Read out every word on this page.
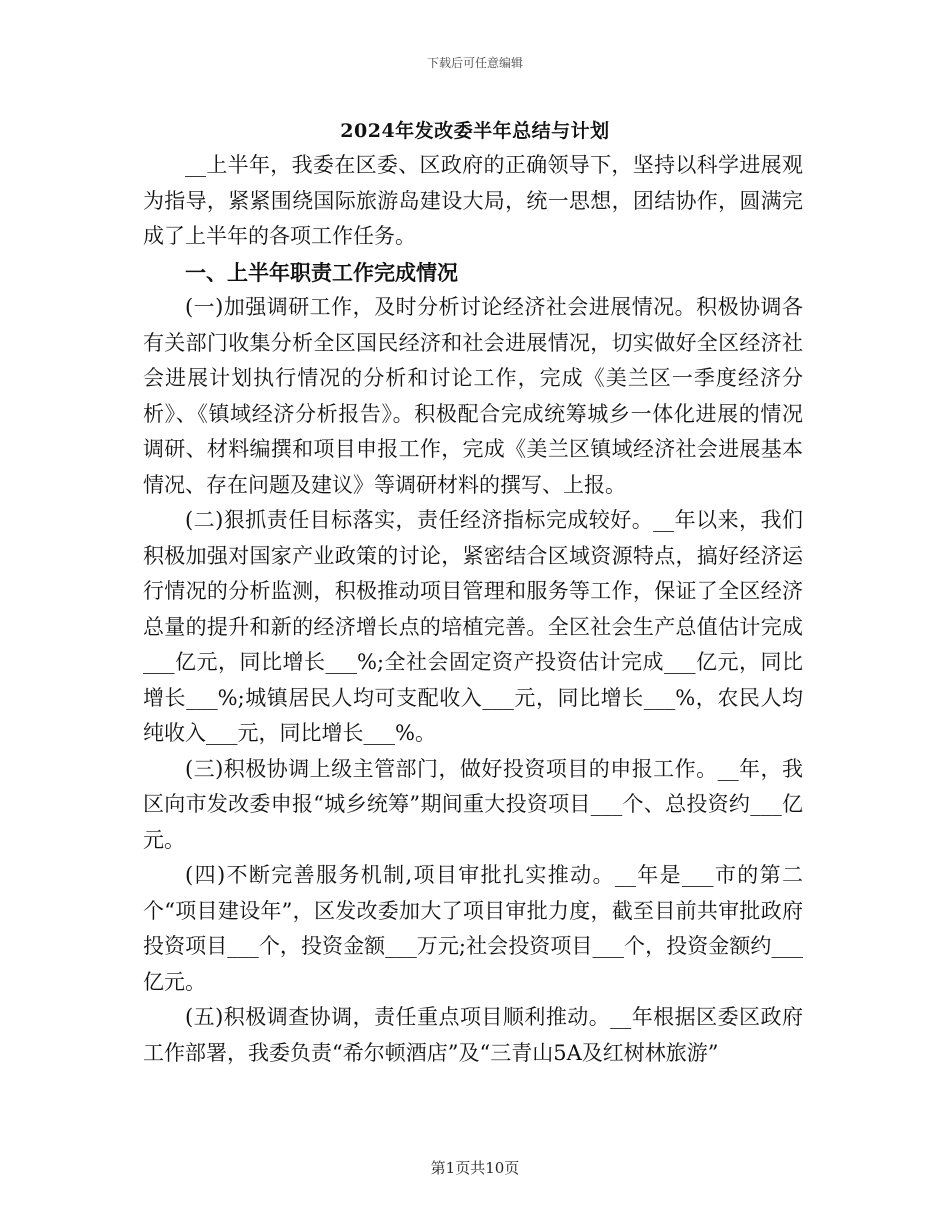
下载后可任意编辑
2024年发改委半年总结与计划

__上半年，我委在区委、区政府的正确领导下，坚持以科学进展观为指导，紧紧围绕国际旅游岛建设大局，统一思想，团结协作，圆满完成了上半年的各项工作任务。

一、上半年职责工作完成情况

(一)加强调研工作，及时分析讨论经济社会进展情况。积极协调各有关部门收集分析全区国民经济和社会进展情况，切实做好全区经济社会进展计划执行情况的分析和讨论工作，完成《美兰区一季度经济分析》、《镇域经济分析报告》。积极配合完成统筹城乡一体化进展的情况调研、材料编撰和项目申报工作，完成《美兰区镇域经济社会进展基本情况、存在问题及建议》等调研材料的撰写、上报。

(二)狠抓责任目标落实，责任经济指标完成较好。__年以来，我们积极加强对国家产业政策的讨论，紧密结合区域资源特点，搞好经济运行情况的分析监测，积极推动项目管理和服务等工作，保证了全区经济总量的提升和新的经济增长点的培植完善。全区社会生产总值估计完成___亿元，同比增长___%;全社会固定资产投资估计完成___亿元，同比增长___%;城镇居民人均可支配收入___元，同比增长___%，农民人均纯收入___元，同比增长___%。

(三)积极协调上级主管部门，做好投资项目的申报工作。__年，我区向市发改委申报“城乡统筹”期间重大投资项目___个、总投资约___亿元。

(四)不断完善服务机制,项目审批扎实推动。__年是___市的第二个“项目建设年”，区发改委加大了项目审批力度，截至目前共审批政府投资项目___个，投资金额___万元;社会投资项目___个，投资金额约___亿元。

(五)积极调查协调，责任重点项目顺利推动。__年根据区委区政府工作部署，我委负责“希尔顿酒店”及“三青山5A及红树林旅游”

第1页共10页
